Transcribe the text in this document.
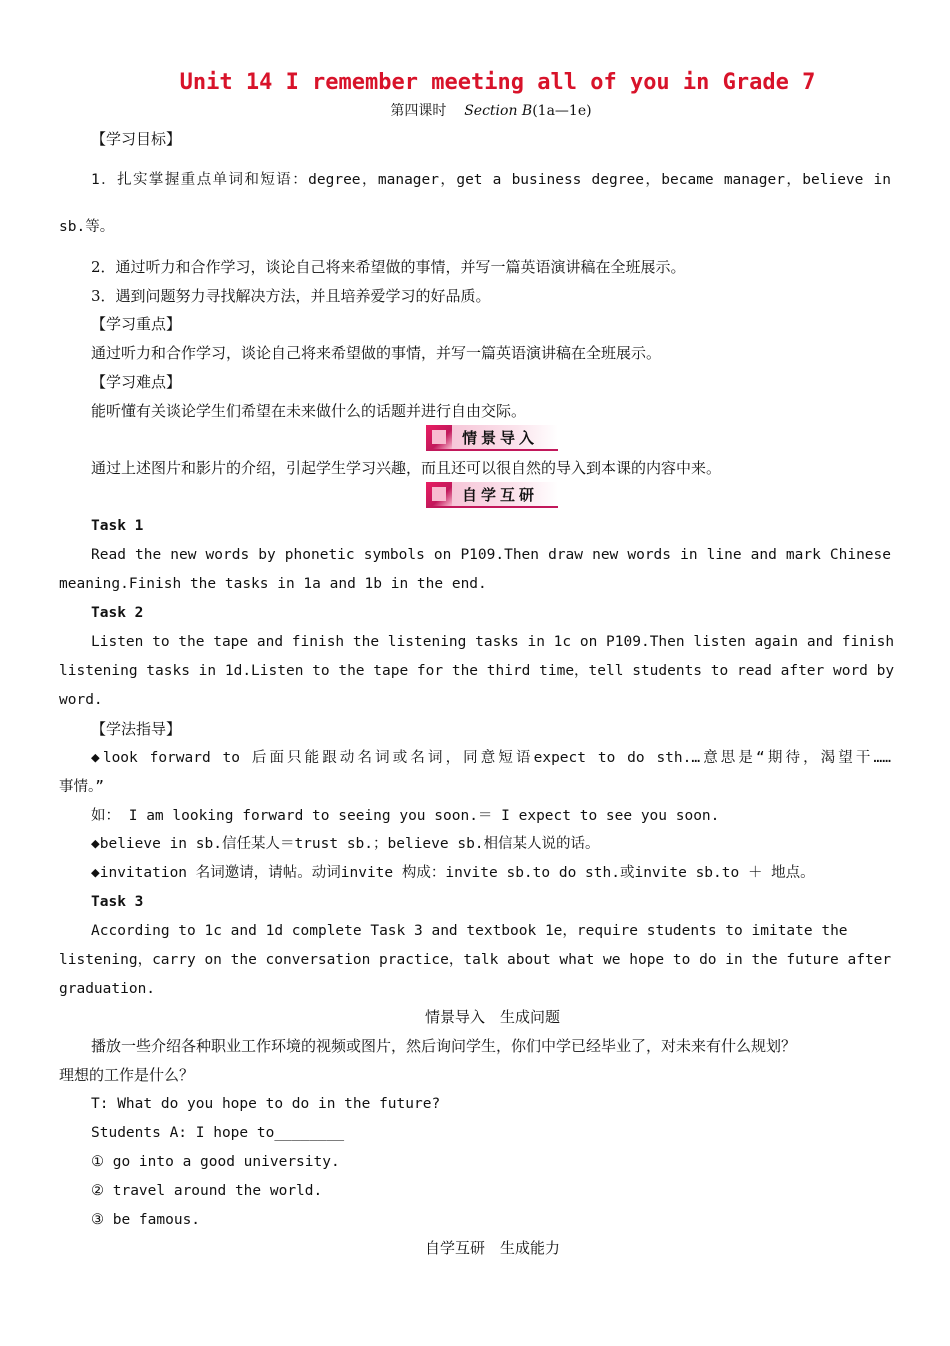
Unit 14 I remember meeting all of you in Grade 7
第四课时 Section B(1a—1e)
【学习目标】
1．扎实掌握重点单词和短语：degree，manager，get a business degree，became manager，believe in
sb.等。
2．通过听力和合作学习，谈论自己将来希望做的事情，并写一篇英语演讲稿在全班展示。
3．遇到问题努力寻找解决方法，并且培养爱学习的好品质。
【学习重点】
通过听力和合作学习，谈论自己将来希望做的事情，并写一篇英语演讲稿在全班展示。
【学习难点】
能听懂有关谈论学生们希望在未来做什么的话题并进行自由交际。
情景导入
通过上述图片和影片的介绍，引起学生学习兴趣，而且还可以很自然的导入到本课的内容中来。
自学互研
Task 1
Read the new words by phonetic symbols on P109.Then draw new words in line and mark Chinese
meaning.Finish the tasks in 1a and 1b in the end.
Task 2
Listen to the tape and finish the listening tasks in 1c on P109.Then listen again and finish
listening tasks in 1d.Listen to the tape for the third time，tell students to read after word by
word.
【学法指导】
◆look forward to 后面只能跟动名词或名词，同意短语expect to do sth.…意思是“期待，渴望干……
事情。”
如： I am looking forward to seeing you soon.＝ I expect to see you soon.
◆believe in sb.信任某人＝trust sb.；believe sb.相信某人说的话。
◆invitation 名词邀请，请帖。动词invite 构成：invite sb.to do sth.或invite sb.to ＋ 地点。
Task 3
According to 1c and 1d complete Task 3 and textbook 1e，require students to imitate the
listening，carry on the conversation practice，talk about what we hope to do in the future after
graduation.
情景导入　生成问题
播放一些介绍各种职业工作环境的视频或图片，然后询问学生，你们中学已经毕业了，对未来有什么规划？
理想的工作是什么？
T: What do you hope to do in the future?
Students A: I hope to________
① go into a good university.
② travel around the world.
③ be famous.
自学互研　生成能力
